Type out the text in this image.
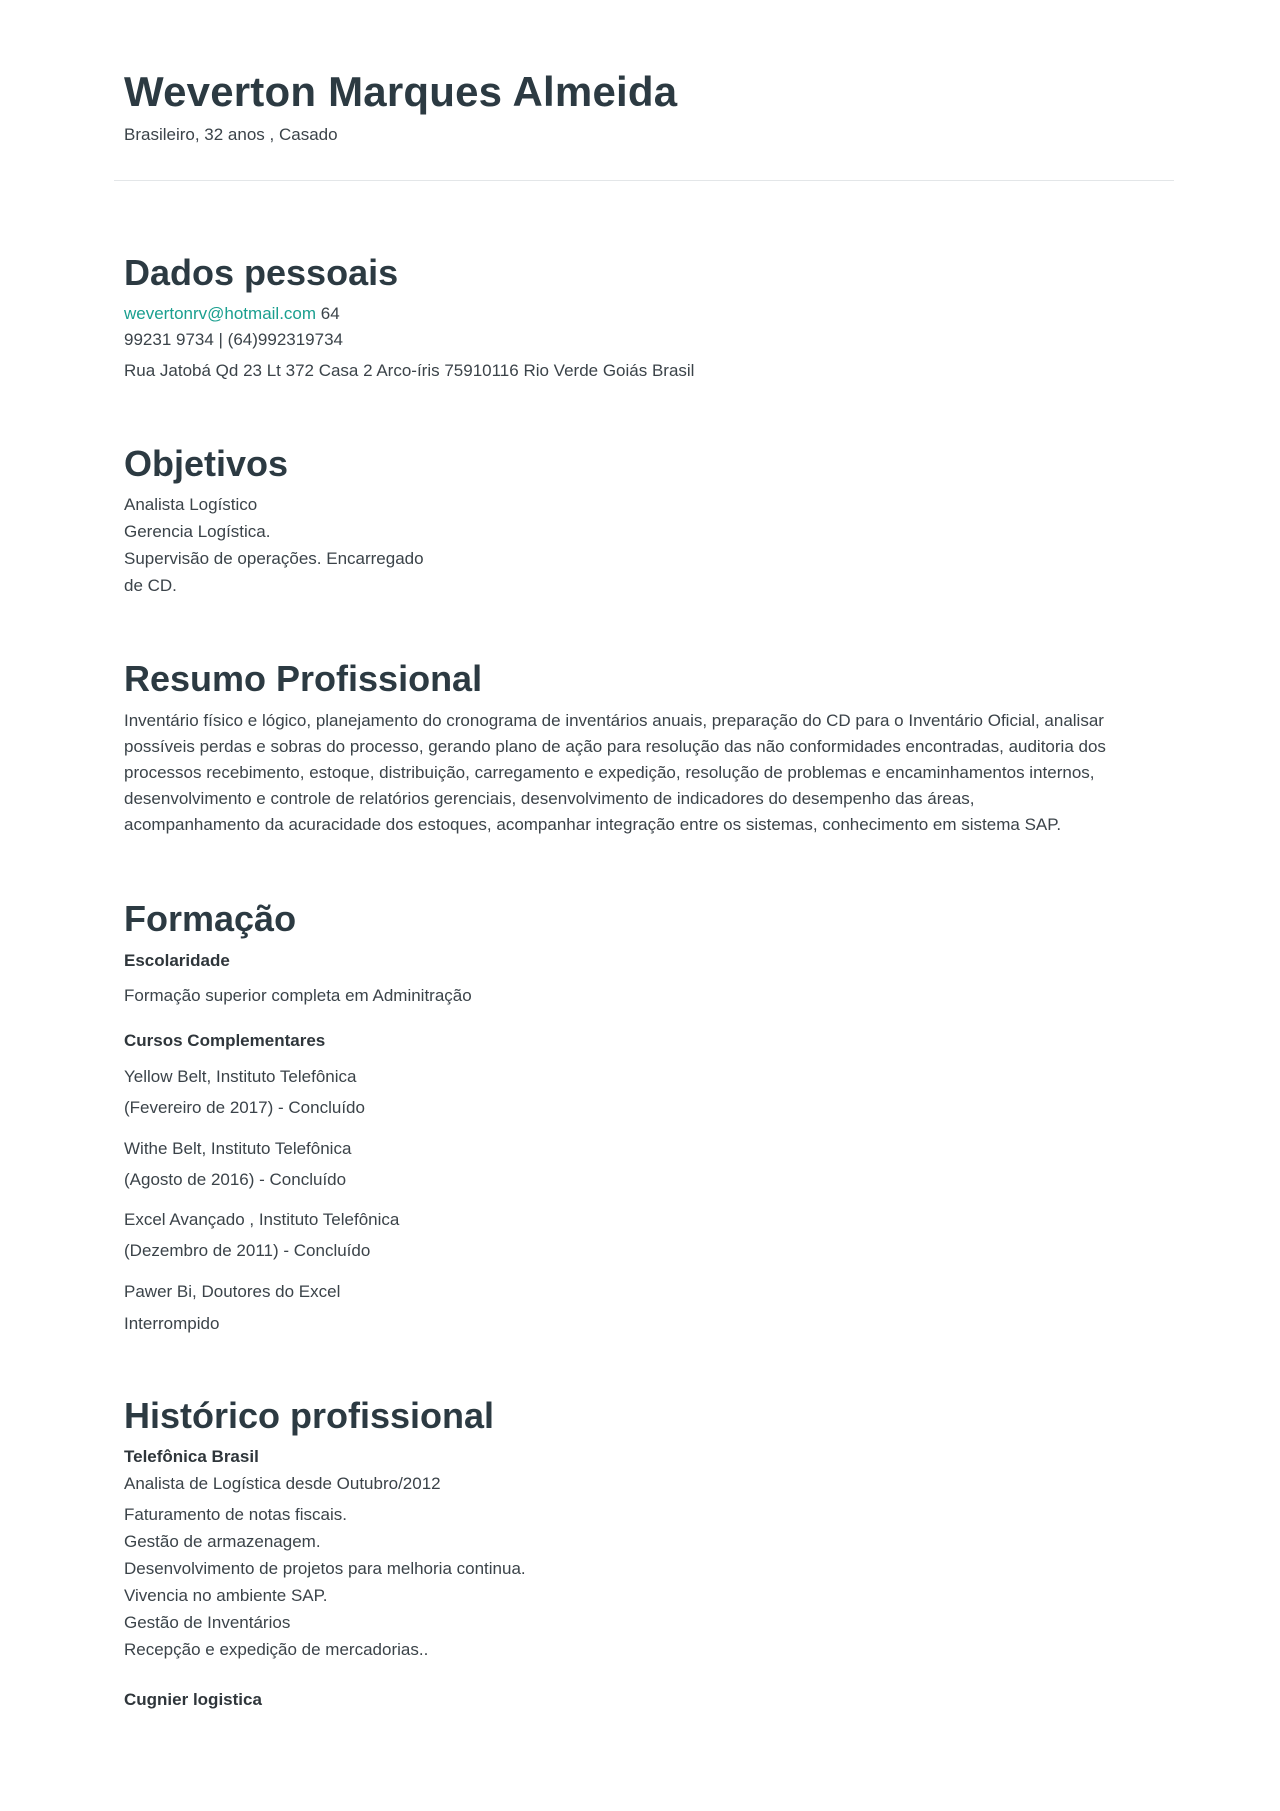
Weverton Marques Almeida
Brasileiro, 32 anos , Casado
Dados pessoais
wevertonrv@hotmail.com 64
99231 9734 | (64)992319734
Rua Jatobá Qd 23 Lt 372 Casa 2 Arco-íris 75910116 Rio Verde Goiás Brasil
Objetivos
Analista Logístico
Gerencia Logística.
Supervisão de operações. Encarregado
de CD.
Resumo Profissional
Inventário físico e lógico, planejamento do cronograma de inventários anuais, preparação do CD para o Inventário Oficial, analisar
possíveis perdas e sobras do processo, gerando plano de ação para resolução das não conformidades encontradas, auditoria dos
processos recebimento, estoque, distribuição, carregamento e expedição, resolução de problemas e encaminhamentos internos,
desenvolvimento e controle de relatórios gerenciais, desenvolvimento de indicadores do desempenho das áreas,
acompanhamento da acuracidade dos estoques, acompanhar integração entre os sistemas, conhecimento em sistema SAP.
Formação
Escolaridade
Formação superior completa em Adminitração
Cursos Complementares
Yellow Belt, Instituto Telefônica
(Fevereiro de 2017) - Concluído
Withe Belt, Instituto Telefônica
(Agosto de 2016) - Concluído
Excel Avançado , Instituto Telefônica
(Dezembro de 2011) - Concluído
Pawer Bi, Doutores do Excel
Interrompido
Histórico profissional
Telefônica Brasil
Analista de Logística desde Outubro/2012
Faturamento de notas fiscais.
Gestão de armazenagem.
Desenvolvimento de projetos para melhoria continua.
Vivencia no ambiente SAP.
Gestão de Inventários
Recepção e expedição de mercadorias..
Cugnier logistica
